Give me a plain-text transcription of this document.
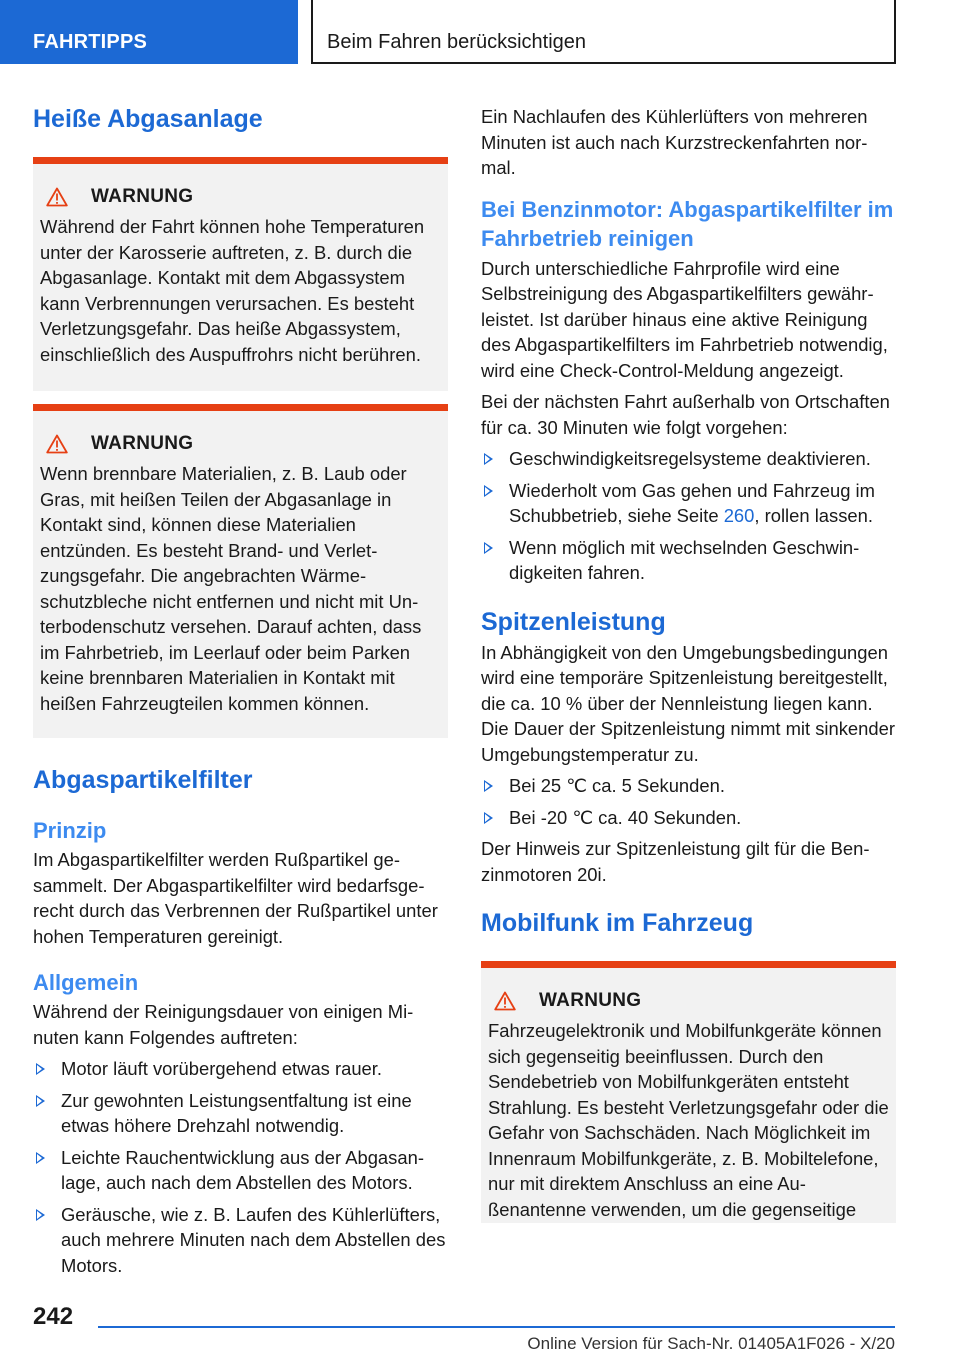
FAHRTIPPS	Beim Fahren berücksichtigen
Heiße Abgasanlage
WARNUNG

Während der Fahrt können hohe Temperaturen unter der Karosserie auftreten, z. B. durch die Abgasanlage. Kontakt mit dem Abgassystem kann Verbrennungen verursachen. Es besteht Verletzungsgefahr. Das heiße Abgassystem, einschließlich des Auspuffrohrs nicht berühren.

WARNUNG

Wenn brennbare Materialien, z. B. Laub oder Gras, mit heißen Teilen der Abgasanlage in Kontakt sind, können diese Materialien entzünden. Es besteht Brand- und Verletzungsgefahr. Die angebrachten Wärmeschutzbleche nicht entfernen und nicht mit Unterbodenschutz versehen. Darauf achten, dass im Fahrbetrieb, im Leerlauf oder beim Parken keine brennbaren Materialien in Kontakt mit heißen Fahrzeugteilen kommen können.

Abgaspartikelfilter
Prinzip

Im Abgaspartikelfilter werden Rußpartikel gesammelt. Der Abgaspartikelfilter wird bedarfsgerecht durch das Verbrennen der Rußpartikel unter hohen Temperaturen gereinigt.

Allgemein

Während der Reinigungsdauer von einigen Minuten kann Folgendes auftreten:

Motor läuft vorübergehend etwas rauer.
Zur gewohnten Leistungsentfaltung ist eine etwas höhere Drehzahl notwendig.
Leichte Rauchentwicklung aus der Abgasanlage, auch nach dem Abstellen des Motors.
Geräusche, wie z. B. Laufen des Kühlerlüfters, auch mehrere Minuten nach dem Abstellen des Motors.

Ein Nachlaufen des Kühlerlüfters von mehreren Minuten ist auch nach Kurzstreckenfahrten normal.

Bei Benzinmotor: Abgaspartikelfilter im Fahrbetrieb reinigen

Durch unterschiedliche Fahrprofile wird eine Selbstreinigung des Abgaspartikelfilters gewährleistet. Ist darüber hinaus eine aktive Reinigung des Abgaspartikelfilters im Fahrbetrieb notwendig, wird eine Check-Control-Meldung angezeigt.

Bei der nächsten Fahrt außerhalb von Ortschaften für ca. 30 Minuten wie folgt vorgehen:

Geschwindigkeitsregelsysteme deaktivieren.
Wiederholt vom Gas gehen und Fahrzeug im Schubbetrieb, siehe Seite 260, rollen lassen.
Wenn möglich mit wechselnden Geschwindigkeiten fahren.
Spitzenleistung

In Abhängigkeit von den Umgebungsbedingungen wird eine temporäre Spitzenleistung bereitgestellt, die ca. 10 % über der Nennleistung liegen kann. Die Dauer der Spitzenleistung nimmt mit sinkender Umgebungstemperatur zu.

Bei 25 ℃ ca. 5 Sekunden.
Bei -20 ℃ ca. 40 Sekunden.

Der Hinweis zur Spitzenleistung gilt für die Benzinmotoren 20i.

Mobilfunk im Fahrzeug
WARNUNG

Fahrzeugelektronik und Mobilfunkgeräte können sich gegenseitig beeinflussen. Durch den Sendebetrieb von Mobilfunkgeräten entsteht Strahlung. Es besteht Verletzungsgefahr oder die Gefahr von Sachschäden. Nach Möglichkeit im Innenraum Mobilfunkgeräte, z. B. Mobiltelefone, nur mit direktem Anschluss an eine Außenantenne verwenden, um die gegenseitige

242
Online Version für Sach-Nr. 01405A1F026 - X/20
